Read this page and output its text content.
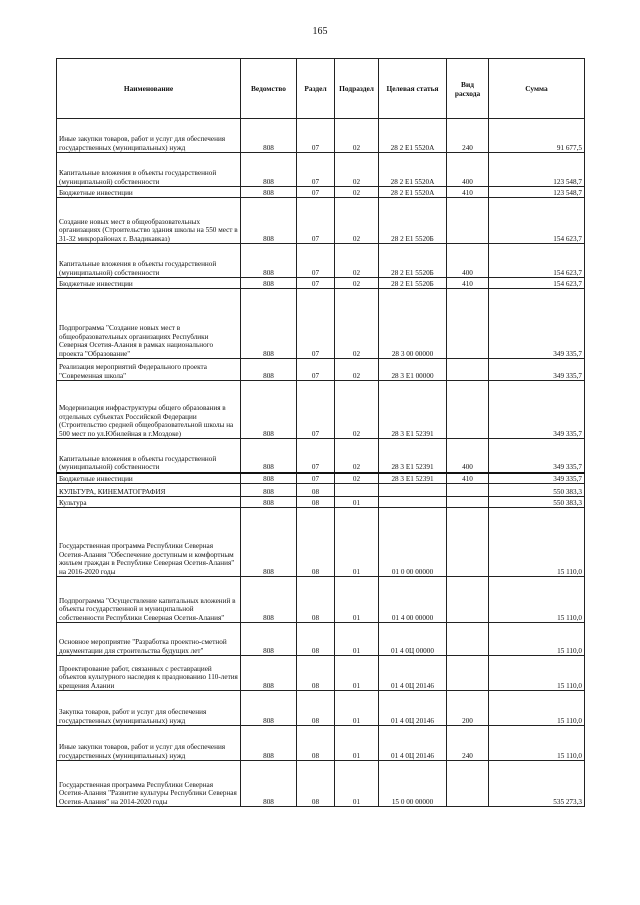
165
Наименование	Ведомство	Раздел	Подраздел	Целевая статья	Вид расхода	Сумма
Иные закупки товаров, работ и услуг для обеспечения государственных (муниципальных) нужд	808	07	02	28 2 E1 5520А	240	91 677,5
Капитальные вложения в объекты государственной (муниципальной) собственности	808	07	02	28 2 E1 5520А	400	123 548,7
Бюджетные инвестиции	808	07	02	28 2 E1 5520А	410	123 548,7
Создание новых мест в общеобразовательных организациях (Строительство здания школы на 550 мест в 31-32 микрорайонах г. Владикавказ)	808	07	02	28 2 E1 5520Б		154 623,7
Капитальные вложения в объекты государственной (муниципальной) собственности	808	07	02	28 2 E1 5520Б	400	154 623,7
Бюджетные инвестиции	808	07	02	28 2 E1 5520Б	410	154 623,7
Подпрограмма "Создание новых мест в общеобразовательных организациях Республики Северная Осетия-Алания в рамках национального проекта "Образование"	808	07	02	28 3 00 00000		349 335,7
Реализация мероприятий Федерального проекта "Современная школа"	808	07	02	28 3 E1 00000		349 335,7
Модернизация инфраструктуры общего образования в отдельных субъектах Российской Федерации (Строительство средней общеобразовательной школы на 500 мест по ул.Юбилейная в г.Моздоке)	808	07	02	28 3 E1 52391		349 335,7
Капитальные вложения в объекты государственной (муниципальной) собственности	808	07	02	28 3 E1 52391	400	349 335,7
Бюджетные инвестиции	808	07	02	28 3 E1 52391	410	349 335,7
КУЛЬТУРА, КИНЕМАТОГРАФИЯ	808	08				550 383,3
Культура	808	08	01			550 383,3
Государственная программа Республики Северная Осетия-Алания "Обеспечение доступным и комфортным жильем граждан в Республике Северная Осетия-Алания" на 2016-2020 годы	808	08	01	01 0 00 00000		15 110,0
Подпрограмма "Осуществление капитальных вложений в объекты государственной и муниципальной собственности Республики Северная Осетия-Алания"	808	08	01	01 4 00 00000		15 110,0
Основное мероприятие "Разработка проектно-сметной документации для строительства будущих лет"	808	08	01	01 4 0Ц 00000		15 110,0
Проектирование работ, связанных с реставрацией объектов культурного наследия к празднованию 110-летия крещения Алании	808	08	01	01 4 0Ц 20146		15 110,0
Закупка товаров, работ и услуг для обеспечения государственных (муниципальных) нужд	808	08	01	01 4 0Ц 20146	200	15 110,0
Иные закупки товаров, работ и услуг для обеспечения государственных (муниципальных) нужд	808	08	01	01 4 0Ц 20146	240	15 110,0
Государственная программа Республики Северная Осетия-Алания "Развитие культуры Республики Северная Осетия-Алания" на 2014-2020 годы	808	08	01	15 0 00 00000		535 273,3
